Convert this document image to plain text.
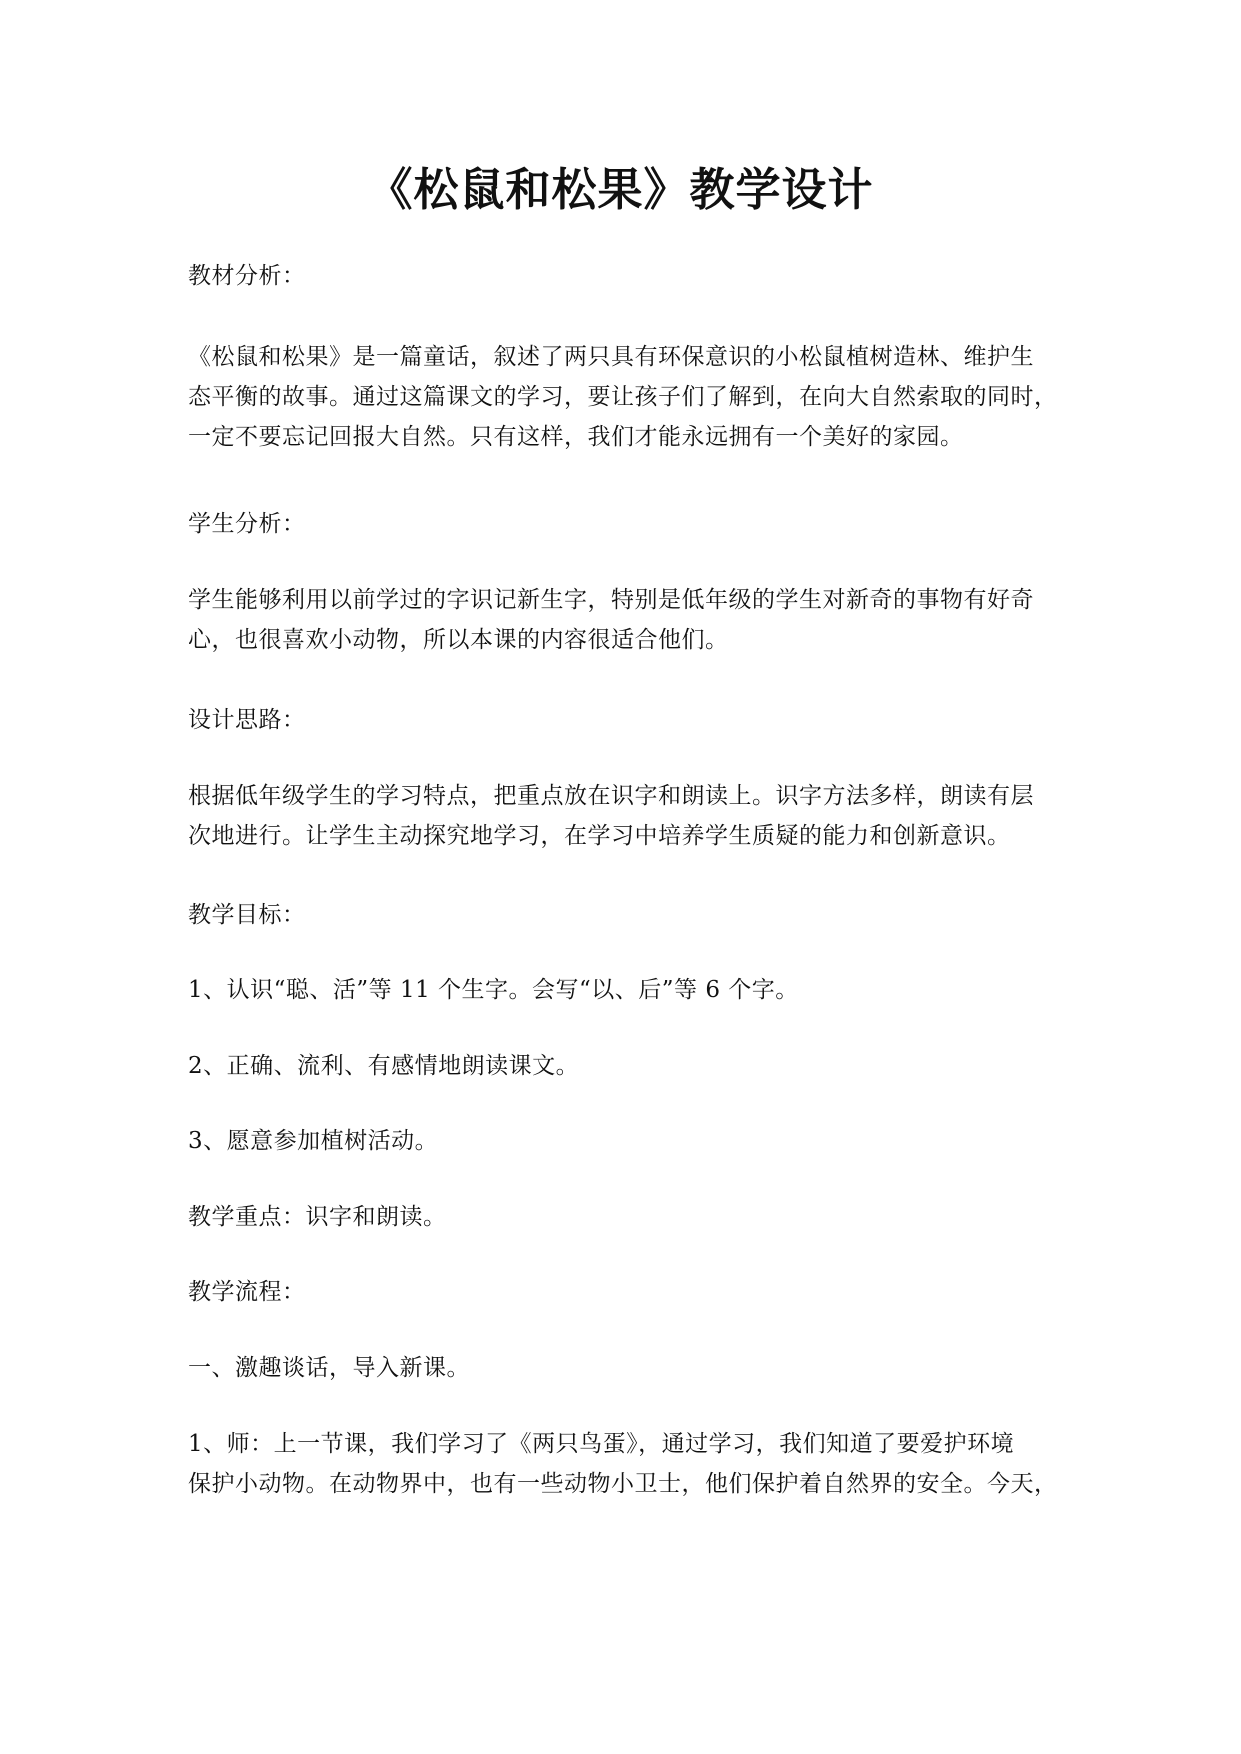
《松鼠和松果》教学设计

教材分析：

《松鼠和松果》是一篇童话，叙述了两只具有环保意识的小松鼠植树造林、维护生
态平衡的故事。通过这篇课文的学习，要让孩子们了解到，在向大自然索取的同时，
一定不要忘记回报大自然。只有这样，我们才能永远拥有一个美好的家园。

学生分析：

学生能够利用以前学过的字识记新生字，特别是低年级的学生对新奇的事物有好奇
心，也很喜欢小动物，所以本课的内容很适合他们。

设计思路：

根据低年级学生的学习特点，把重点放在识字和朗读上。识字方法多样，朗读有层
次地进行。让学生主动探究地学习，在学习中培养学生质疑的能力和创新意识。

教学目标：

1、认识“聪、活”等 11 个生字。会写“以、后”等 6 个字。

2、正确、流利、有感情地朗读课文。

3、愿意参加植树活动。

教学重点：识字和朗读。

教学流程：

一、激趣谈话，导入新课。

1、师：上一节课，我们学习了《两只鸟蛋》，通过学习，我们知道了要爱护环境
保护小动物。在动物界中，也有一些动物小卫士，他们保护着自然界的安全。今天，
